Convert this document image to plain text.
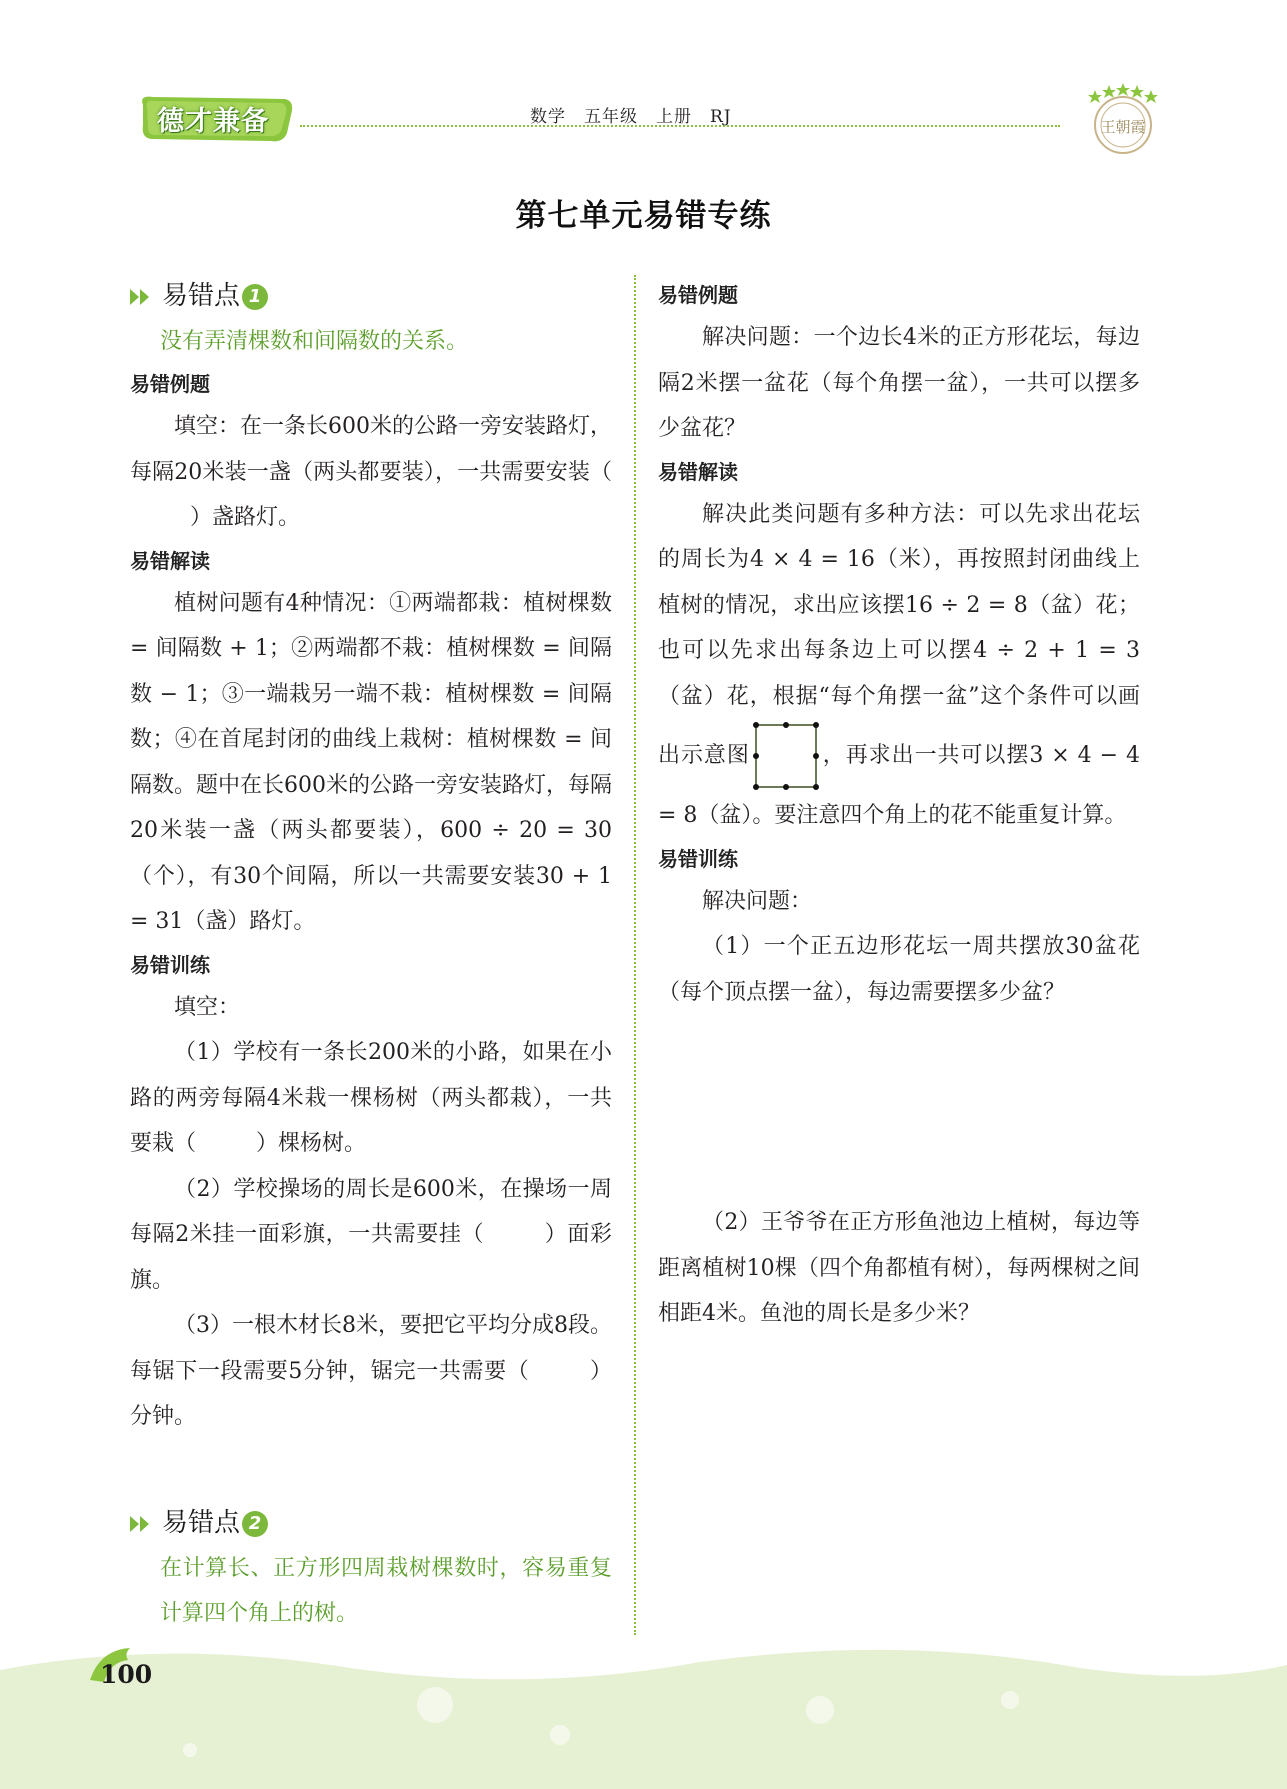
德才兼备	数学　五年级　上册　RJ	王朝霞
第七单元易错专练
易错点 1

没有弄清棵数和间隔数的关系。

易错例题

填空：在一条长600米的公路一旁安装路灯，每隔20米装一盏（两头都要装），一共需要安装（）盏路灯。

易错解读

植树问题有4种情况：①两端都栽：植树棵数 = 间隔数 + 1；②两端都不栽：植树棵数 = 间隔数 − 1；③一端栽另一端不栽：植树棵数 = 间隔数；④在首尾封闭的曲线上栽树：植树棵数 = 间隔数。题中在长600米的公路一旁安装路灯，每隔20米装一盏（两头都要装），600 ÷ 20 = 30（个），有30个间隔，所以一共需要安装30 + 1 = 31（盏）路灯。

易错训练

填空：

（1）学校有一条长200米的小路，如果在小路的两旁每隔4米栽一棵杨树（两头都栽），一共要栽（	）棵杨树。

（2）学校操场的周长是600米，在操场一周每隔2米挂一面彩旗，一共需要挂（	）面彩旗。

（3）一根木材长8米，要把它平均分成8段。每锯下一段需要5分钟，锯完一共需要（	）分钟。

易错点 2

在计算长、正方形四周栽树棵数时，容易重复计算四个角上的树。

易错例题

解决问题：一个边长4米的正方形花坛，每边隔2米摆一盆花（每个角摆一盆），一共可以摆多少盆花？

易错解读

解决此类问题有多种方法：可以先求出花坛的周长为4 × 4 = 16（米），再按照封闭曲线上植树的情况，求出应该摆16 ÷ 2 = 8（盆）花；也可以先求出每条边上可以摆4 ÷ 2 + 1 = 3（盆）花，根据“每个角摆一盆”这个条件可以画出示意图	，再求出一共可以摆3 × 4 − 4 = 8（盆）。要注意四个角上的花不能重复计算。

易错训练

解决问题：

（1）一个正五边形花坛一周共摆放30盆花（每个顶点摆一盆），每边需要摆多少盆？

（2）王爷爷在正方形鱼池边上植树，每边等距离植树10棵（四个角都植有树），每两棵树之间相距4米。鱼池的周长是多少米？

100
